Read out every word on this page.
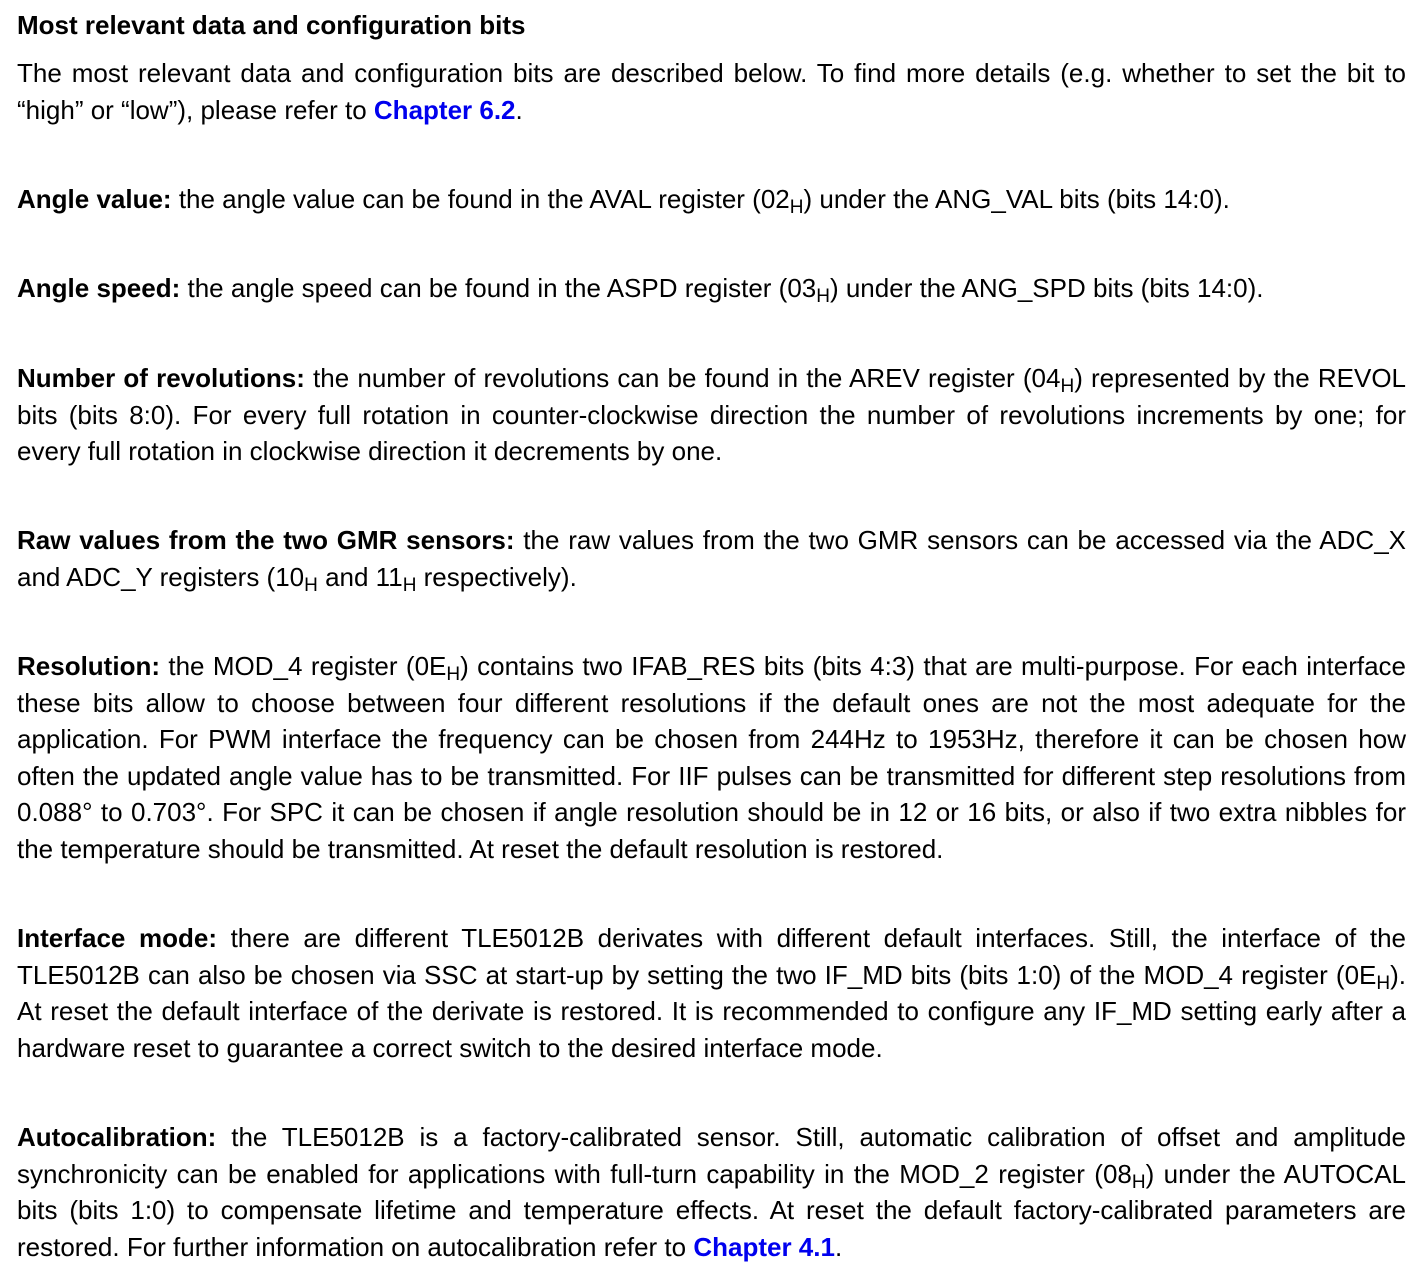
Most relevant data and configuration bits

The most relevant data and configuration bits are described below. To find more details (e.g. whether to set the bit to “high” or “low”), please refer to Chapter 6.2.

Angle value: the angle value can be found in the AVAL register $(02_H)$ under the ANG_VAL bits (bits 14:0).

Angle speed: the angle speed can be found in the ASPD register $(03_H)$ under the ANG_SPD bits (bits 14:0).

Number of revolutions: the number of revolutions can be found in the AREV register $(04_H)$ represented by the REVOL bits (bits 8:0). For every full rotation in counter-clockwise direction the number of revolutions increments by one; for every full rotation in clockwise direction it decrements by one.

Raw values from the two GMR sensors: the raw values from the two GMR sensors can be accessed via the ADC_X and ADC_Y registers ($10_H$ and $11_H$ respectively).

Resolution: the MOD_4 register $(0E_H)$ contains two IFAB_RES bits (bits 4:3) that are multi-purpose. For each interface these bits allow to choose between four different resolutions if the default ones are not the most adequate for the application. For PWM interface the frequency can be chosen from 244Hz to 1953Hz, therefore it can be chosen how often the updated angle value has to be transmitted. For IIF pulses can be transmitted for different step resolutions from 0.088° to 0.703°. For SPC it can be chosen if angle resolution should be in 12 or 16 bits, or also if two extra nibbles for the temperature should be transmitted. At reset the default resolution is restored.

Interface mode: there are different TLE5012B derivates with different default interfaces. Still, the interface of the TLE5012B can also be chosen via SSC at start-up by setting the two IF_MD bits (bits 1:0) of the MOD_4 register $(0E_H)$. At reset the default interface of the derivate is restored. It is recommended to configure any IF_MD setting early after a hardware reset to guarantee a correct switch to the desired interface mode.

Autocalibration: the TLE5012B is a factory-calibrated sensor. Still, automatic calibration of offset and amplitude synchronicity can be enabled for applications with full-turn capability in the MOD_2 register $(08_H)$ under the AUTOCAL bits (bits 1:0) to compensate lifetime and temperature effects. At reset the default factory-calibrated parameters are restored. For further information on autocalibration refer to Chapter 4.1.
